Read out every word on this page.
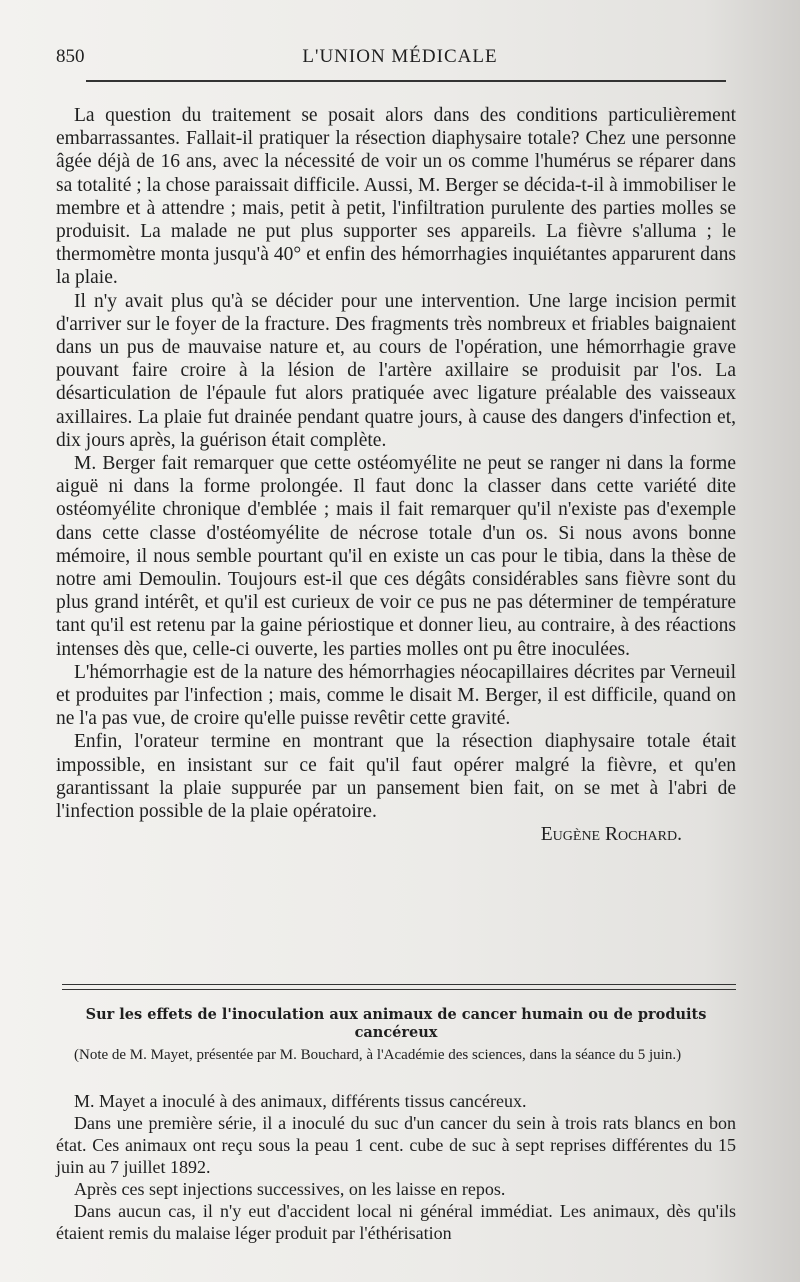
850	L'UNION MÉDICALE

La question du traitement se posait alors dans des conditions particulièrement embarrassantes. Fallait-il pratiquer la résection diaphysaire totale? Chez une personne âgée déjà de 16 ans, avec la nécessité de voir un os comme l'humérus se réparer dans sa totalité ; la chose paraissait difficile. Aussi, M. Berger se décida-t-il à immobiliser le membre et à attendre ; mais, petit à petit, l'infiltration purulente des parties molles se produisit. La malade ne put plus supporter ses appareils. La fièvre s'alluma ; le thermomètre monta jusqu'à 40° et enfin des hémorrhagies inquiétantes apparurent dans la plaie.

Il n'y avait plus qu'à se décider pour une intervention. Une large incision permit d'arriver sur le foyer de la fracture. Des fragments très nombreux et friables baignaient dans un pus de mauvaise nature et, au cours de l'opération, une hémorrhagie grave pouvant faire croire à la lésion de l'artère axillaire se produisit par l'os. La désarticulation de l'épaule fut alors pratiquée avec ligature préalable des vaisseaux axillaires. La plaie fut drainée pendant quatre jours, à cause des dangers d'infection et, dix jours après, la guérison était complète.

M. Berger fait remarquer que cette ostéomyélite ne peut se ranger ni dans la forme aiguë ni dans la forme prolongée. Il faut donc la classer dans cette variété dite ostéomyélite chronique d'emblée ; mais il fait remarquer qu'il n'existe pas d'exemple dans cette classe d'ostéomyélite de nécrose totale d'un os. Si nous avons bonne mémoire, il nous semble pourtant qu'il en existe un cas pour le tibia, dans la thèse de notre ami Demoulin. Toujours est-il que ces dégâts considérables sans fièvre sont du plus grand intérêt, et qu'il est curieux de voir ce pus ne pas déterminer de température tant qu'il est retenu par la gaine périostique et donner lieu, au contraire, à des réactions intenses dès que, celle-ci ouverte, les parties molles ont pu être inoculées.

L'hémorrhagie est de la nature des hémorrhagies néocapillaires décrites par Verneuil et produites par l'infection ; mais, comme le disait M. Berger, il est difficile, quand on ne l'a pas vue, de croire qu'elle puisse revêtir cette gravité.

Enfin, l'orateur termine en montrant que la résection diaphysaire totale était impossible, en insistant sur ce fait qu'il faut opérer malgré la fièvre, et qu'en garantissant la plaie suppurée par un pansement bien fait, on se met à l'abri de l'infection possible de la plaie opératoire.

Eugène Rochard.

Sur les effets de l'inoculation aux animaux de cancer humain ou de produits
cancéreux

(Note de M. Mayet, présentée par M. Bouchard, à l'Académie des sciences, dans la séance du 5 juin.)

M. Mayet a inoculé à des animaux, différents tissus cancéreux.

Dans une première série, il a inoculé du suc d'un cancer du sein à trois rats blancs en bon état. Ces animaux ont reçu sous la peau 1 cent. cube de suc à sept reprises différentes du 15 juin au 7 juillet 1892.

Après ces sept injections successives, on les laisse en repos.

Dans aucun cas, il n'y eut d'accident local ni général immédiat. Les animaux, dès qu'ils étaient remis du malaise léger produit par l'éthérisation
